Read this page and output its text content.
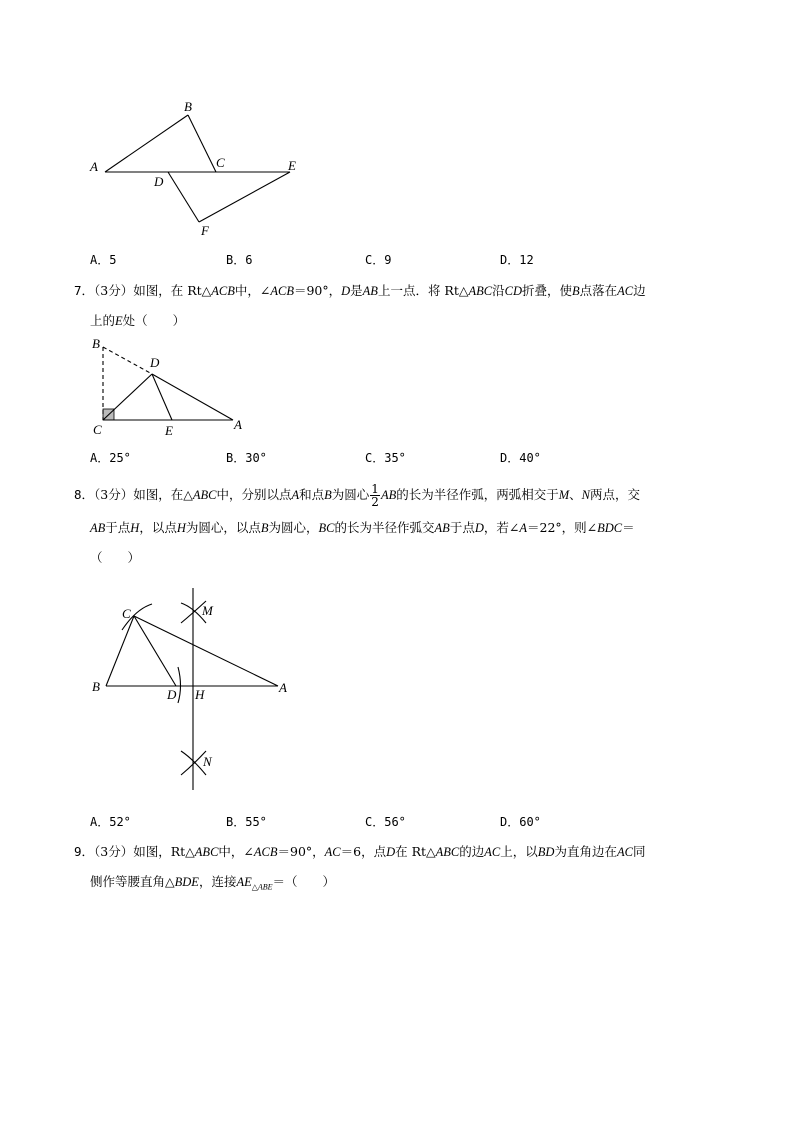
A
B
C
D
E
F
A．5	B．6	C．9	D．12
7．（3分）如图，在 Rt△ACB中，∠ACB＝90°，D是AB上一点．将 Rt△ABC沿CD折叠，使B点落在AC边
上的E处（　　）
B
D
C	E	A
A．25°	B．30°	C．35°	D．40°
8．（3分）如图，在△ABC中，分别以点A和点B为圆心 $\frac{1}{2}$ AB的长为半径作弧，两弧相交于M、N两点，交
AB于点H，以点H为圆心，以点B为圆心，BC的长为半径作弧交AB于点D，若∠A＝22°，则∠BDC＝
（　　）
C	M
B
D H	A
N
A．52°	B．55°	C．56°	D．60°
9．（3分）如图，Rt△ABC中，∠ACB＝90°，AC＝6，点D在 Rt△ABC的边AC上，以BD为直角边在AC同
侧作等腰直角△BDE，连接$AE_{\triangle ABE}=$（　　）
